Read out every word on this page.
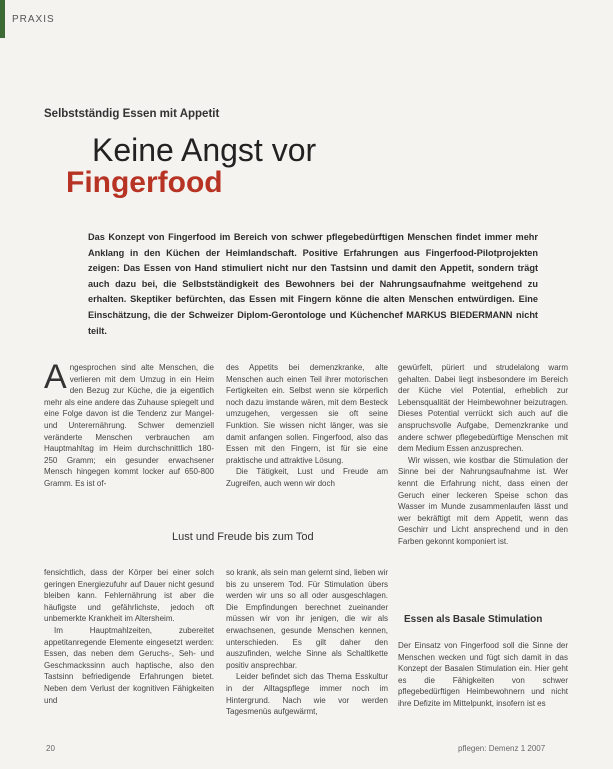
PRAXIS
Selbstständig Essen mit Appetit
Keine Angst vor
Fingerfood
Das Konzept von Fingerfood im Bereich von schwer pflegebedürftigen Menschen findet immer mehr Anklang in den Küchen der Heimlandschaft. Positive Erfahrungen aus Fingerfood-Pilotprojekten zeigen: Das Essen von Hand stimuliert nicht nur den Tastsinn und damit den Appetit, sondern trägt auch dazu bei, die Selbstständigkeit des Bewohners bei der Nahrungsaufnahme weitgehend zu erhalten. Skeptiker befürchten, das Essen mit Fingern könne die alten Menschen entwürdigen. Eine Einschätzung, die der Schweizer Diplom-Gerontologe und Küchenchef MARKUS BIEDERMANN nicht teilt.
A ngesprochen sind alte Menschen, die verlieren mit dem Umzug in ein Heim den Bezug zur Küche, die ja eigentlich mehr als eine andere das Zuhause spiegelt und eine Folge davon ist die Tendenz zur Mangel- und Unterernährung. Schwer demenziell veränderte Menschen verbrauchen am Hauptmahltag im Heim durchschnittlich 180-250 Gramm; ein gesunder erwachsener Mensch hingegen kommt locker auf 650-800 Gramm. Es ist of-
des Appetits bei demenzkranke, alte Menschen auch einen Teil ihrer motorischen Fertigkeiten ein. Selbst wenn sie körperlich noch dazu imstande wären, mit dem Besteck umzugehen, vergessen sie oft seine Funktion. Sie wissen nicht länger, was sie damit anfangen sollen. Fingerfood, also das Essen mit den Fingern, ist für sie eine praktische und attraktive Lösung.
Die Tätigkeit, Lust und Freude am Zugreifen, auch wenn wir doch
gewürfelt, püriert und strudelalong warm gehalten. Dabei liegt insbesondere im Bereich der Küche viel Potential, erheblich zur Lebensqualität der Heimbewohner beizutragen. Dieses Potential verrückt sich auch auf die anspruchsvolle Aufgabe, Demenzkranke und andere schwer pflegebedürftige Menschen mit dem Medium Essen anzusprechen.
Wir wissen, wie kostbar die Stimulation der Sinne bei der Nahrungsaufnahme ist. Wer kennt die Erfahrung nicht, dass einen der Geruch einer leckeren Speise schon das Wasser im Munde zusammenlaufen lässt und wer bekräftigt mit dem Appetit, wenn das Geschirr und Licht ansprechend und in den Farben gekonnt komponiert ist.
Lust und Freude bis zum Tod
fensichtlich, dass der Körper bei einer solch geringen Energiezufuhr auf Dauer nicht gesund bleiben kann. Fehlernährung ist aber die häufigste und gefährlichste, jedoch oft unbemerkte Krankheit im Altersheim.
Im Hauptmahlzeiten, zubereitet appetitanregende Elemente eingesetzt werden: Essen, das neben dem Geruchs-, Seh- und Geschmackssinn auch haptische, also den Tastsinn befriedigende Erfahrungen bietet. Neben dem Verlust der kognitiven Fähigkeiten und
so krank, als sein man gelernt sind, lieben wir bis zu unserem Tod. Für Stimulation übers werden wir uns so all oder ausgeschlagen. Die Empfindungen berechnet zueinander müssen wir von ihr jenigen, die wir als erwachsenen, gesunde Menschen kennen, unterschieden. Es gilt daher den auszufinden, welche Sinne als Schaltlkette positiv ansprechbar.
Leider befindet sich das Thema Esskultur in der Alltagspflege immer noch im Hintergrund. Nach wie vor werden Tagesmenüs aufgewärmt,
Essen als Basale Stimulation
Der Einsatz von Fingerfood soll die Sinne der Menschen wecken und fügt sich damit in das Konzept der Basalen Stimulation ein. Hier geht es die Fähigkeiten von schwer pflegebedürftigen Heimbewohnern und nicht ihre Defizite im Mittelpunkt, insofern ist es
20	pflegen: Demenz 1 2007
